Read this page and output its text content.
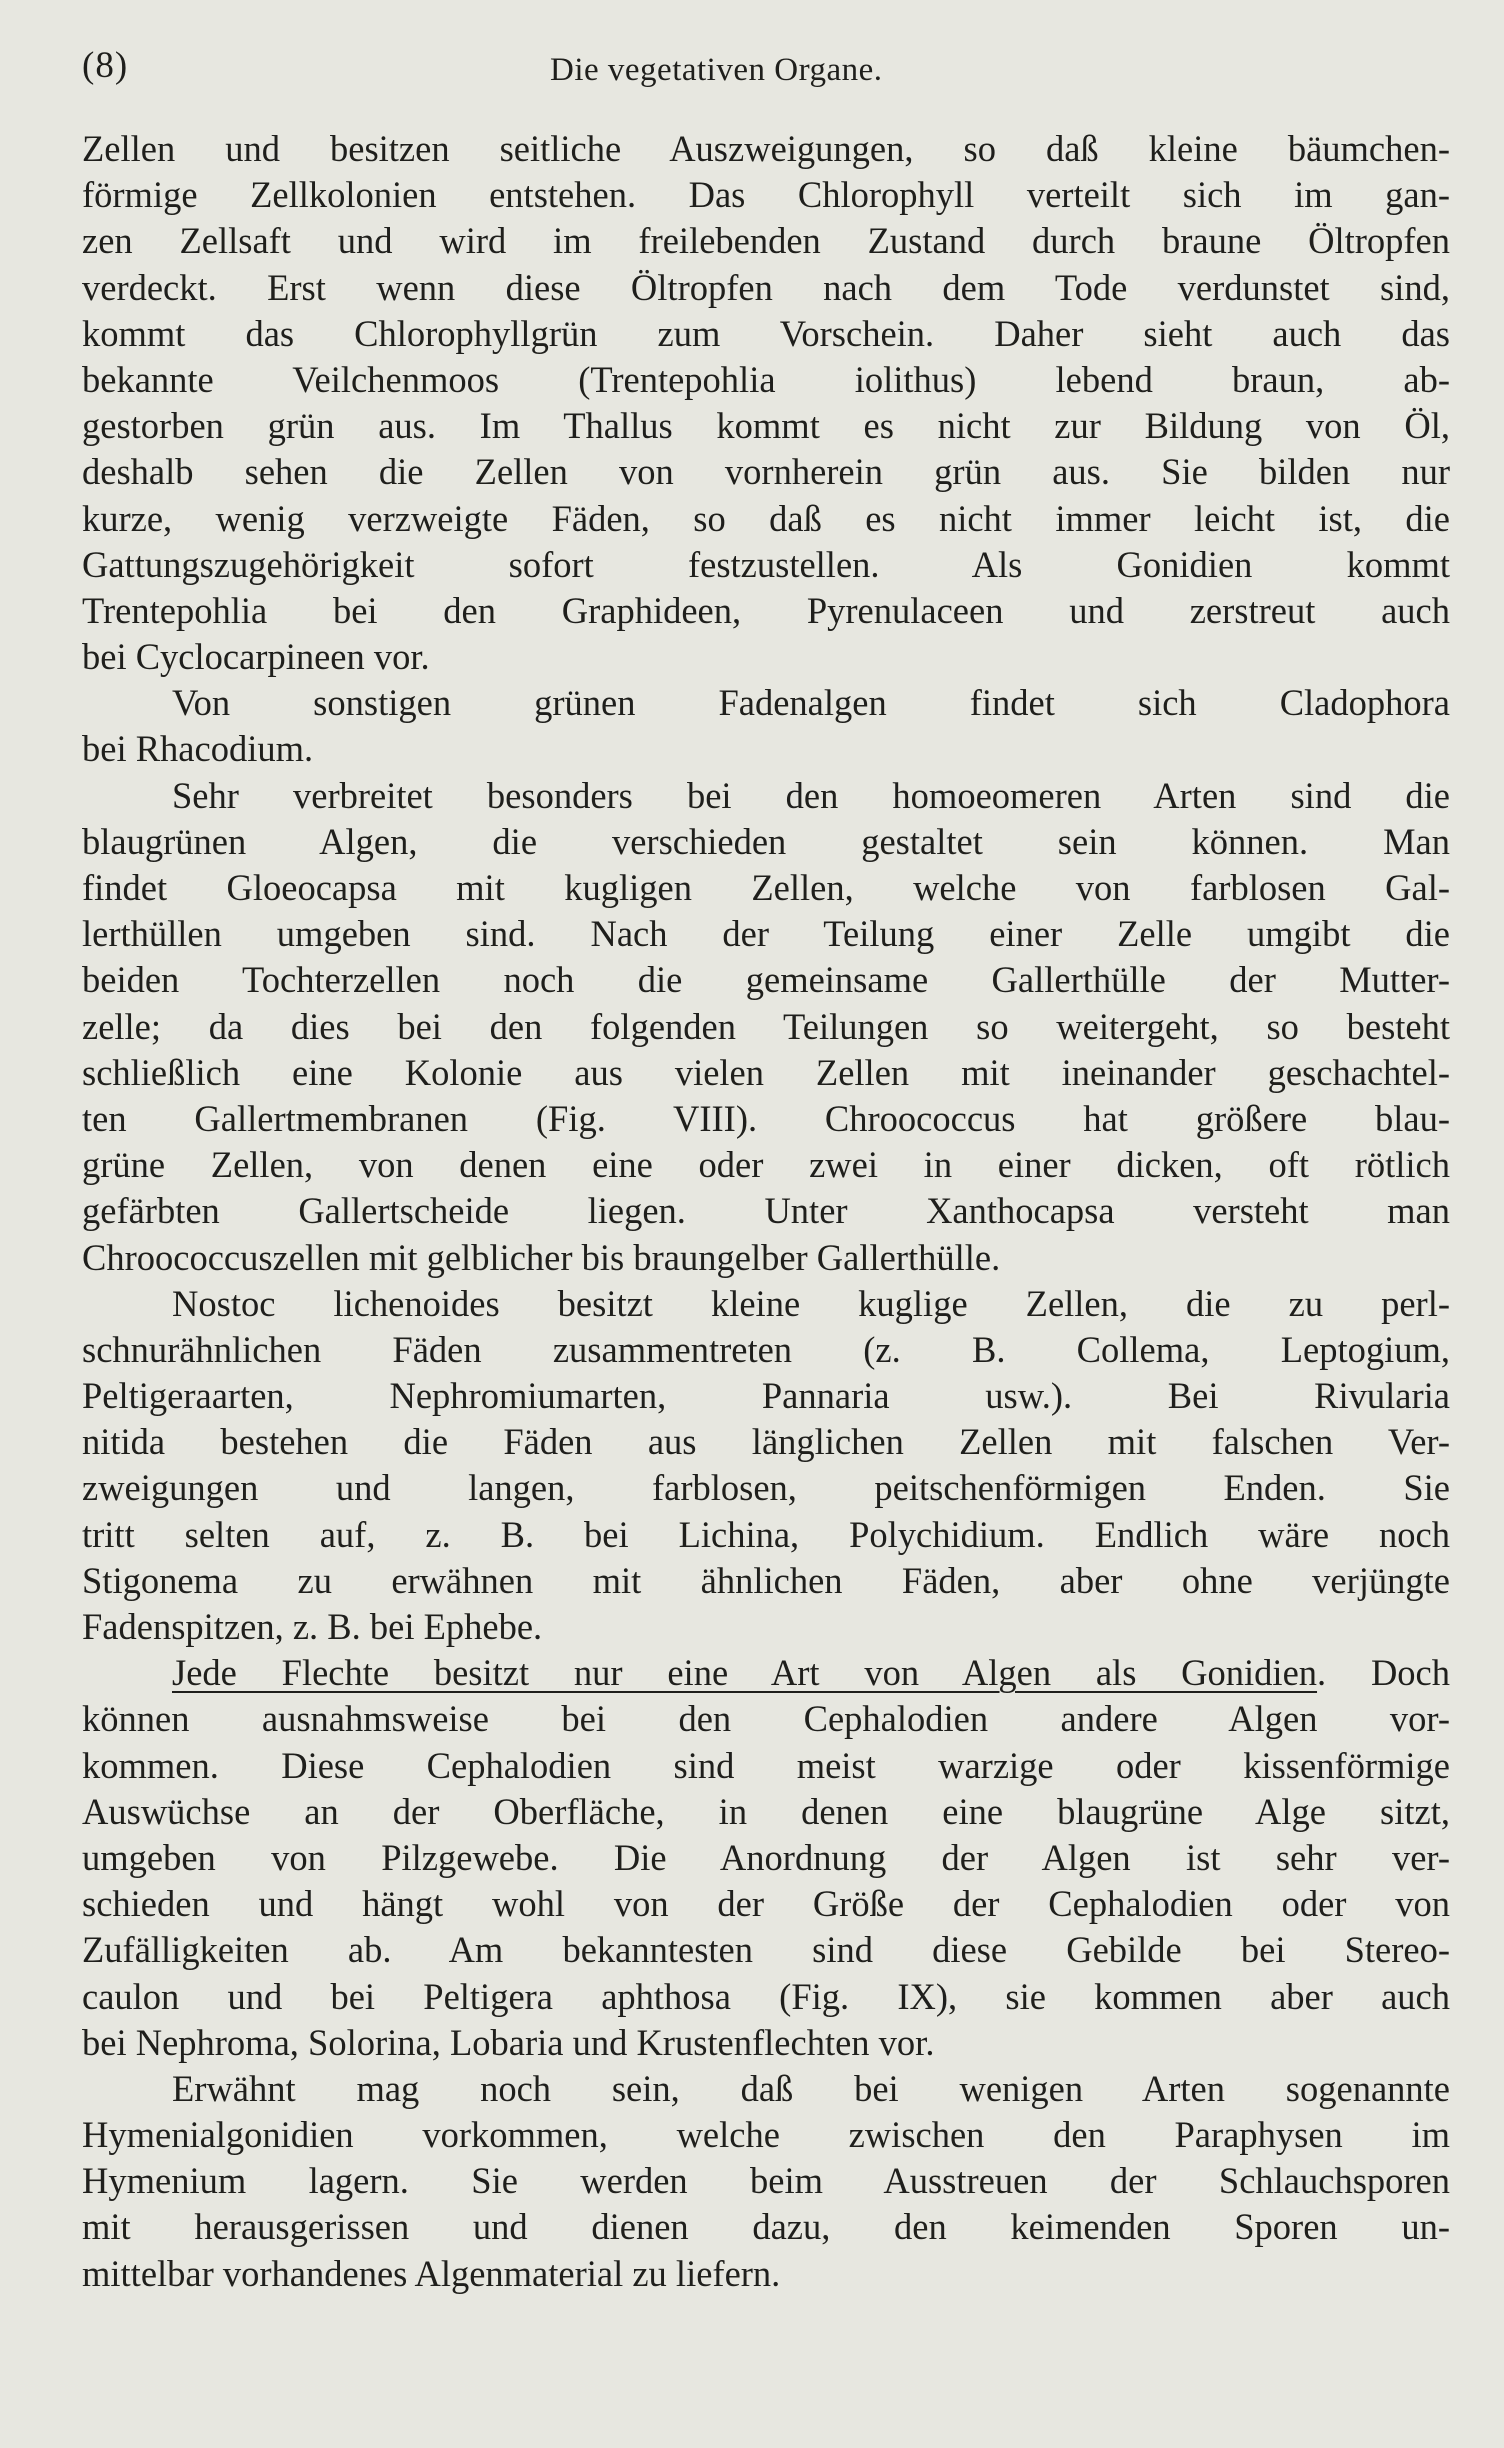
(8)	Die vegetativen Organe.
Zellen und besitzen seitliche Auszweigungen, so daß kleine bäumchen-
förmige Zellkolonien entstehen. Das Chlorophyll verteilt sich im gan-
zen Zellsaft und wird im freilebenden Zustand durch braune Öltropfen
verdeckt. Erst wenn diese Öltropfen nach dem Tode verdunstet sind,
kommt das Chlorophyllgrün zum Vorschein. Daher sieht auch das
bekannte Veilchenmoos (Trentepohlia iolithus) lebend braun, ab-
gestorben grün aus. Im Thallus kommt es nicht zur Bildung von Öl,
deshalb sehen die Zellen von vornherein grün aus. Sie bilden nur
kurze, wenig verzweigte Fäden, so daß es nicht immer leicht ist, die
Gattungszugehörigkeit sofort festzustellen. Als Gonidien kommt
Trentepohlia bei den Graphideen, Pyrenulaceen und zerstreut auch
bei Cyclocarpineen vor.
Von sonstigen grünen Fadenalgen findet sich Cladophora
bei Rhacodium.
Sehr verbreitet besonders bei den homoeomeren Arten sind die
blaugrünen Algen, die verschieden gestaltet sein können. Man
findet Gloeocapsa mit kugligen Zellen, welche von farblosen Gal-
lerthüllen umgeben sind. Nach der Teilung einer Zelle umgibt die
beiden Tochterzellen noch die gemeinsame Gallerthülle der Mutter-
zelle; da dies bei den folgenden Teilungen so weitergeht, so besteht
schließlich eine Kolonie aus vielen Zellen mit ineinander geschachtel-
ten Gallertmembranen (Fig. VIII). Chroococcus hat größere blau-
grüne Zellen, von denen eine oder zwei in einer dicken, oft rötlich
gefärbten Gallertscheide liegen. Unter Xanthocapsa versteht man
Chroococcuszellen mit gelblicher bis braungelber Gallerthülle.
Nostoc lichenoides besitzt kleine kuglige Zellen, die zu perl-
schnurähnlichen Fäden zusammentreten (z. B. Collema, Leptogium,
Peltigeraarten, Nephromiumarten, Pannaria usw.). Bei Rivularia
nitida bestehen die Fäden aus länglichen Zellen mit falschen Ver-
zweigungen und langen, farblosen, peitschenförmigen Enden. Sie
tritt selten auf, z. B. bei Lichina, Polychidium. Endlich wäre noch
Stigonema zu erwähnen mit ähnlichen Fäden, aber ohne verjüngte
Fadenspitzen, z. B. bei Ephebe.
Jede Flechte besitzt nur eine Art von Algen als Gonidien. Doch
können ausnahmsweise bei den Cephalodien andere Algen vor-
kommen. Diese Cephalodien sind meist warzige oder kissenförmige
Auswüchse an der Oberfläche, in denen eine blaugrüne Alge sitzt,
umgeben von Pilzgewebe. Die Anordnung der Algen ist sehr ver-
schieden und hängt wohl von der Größe der Cephalodien oder von
Zufälligkeiten ab. Am bekanntesten sind diese Gebilde bei Stereo-
caulon und bei Peltigera aphthosa (Fig. IX), sie kommen aber auch
bei Nephroma, Solorina, Lobaria und Krustenflechten vor.
Erwähnt mag noch sein, daß bei wenigen Arten sogenannte
Hymenialgonidien vorkommen, welche zwischen den Paraphysen im
Hymenium lagern. Sie werden beim Ausstreuen der Schlauchsporen
mit herausgerissen und dienen dazu, den keimenden Sporen un-
mittelbar vorhandenes Algenmaterial zu liefern.
